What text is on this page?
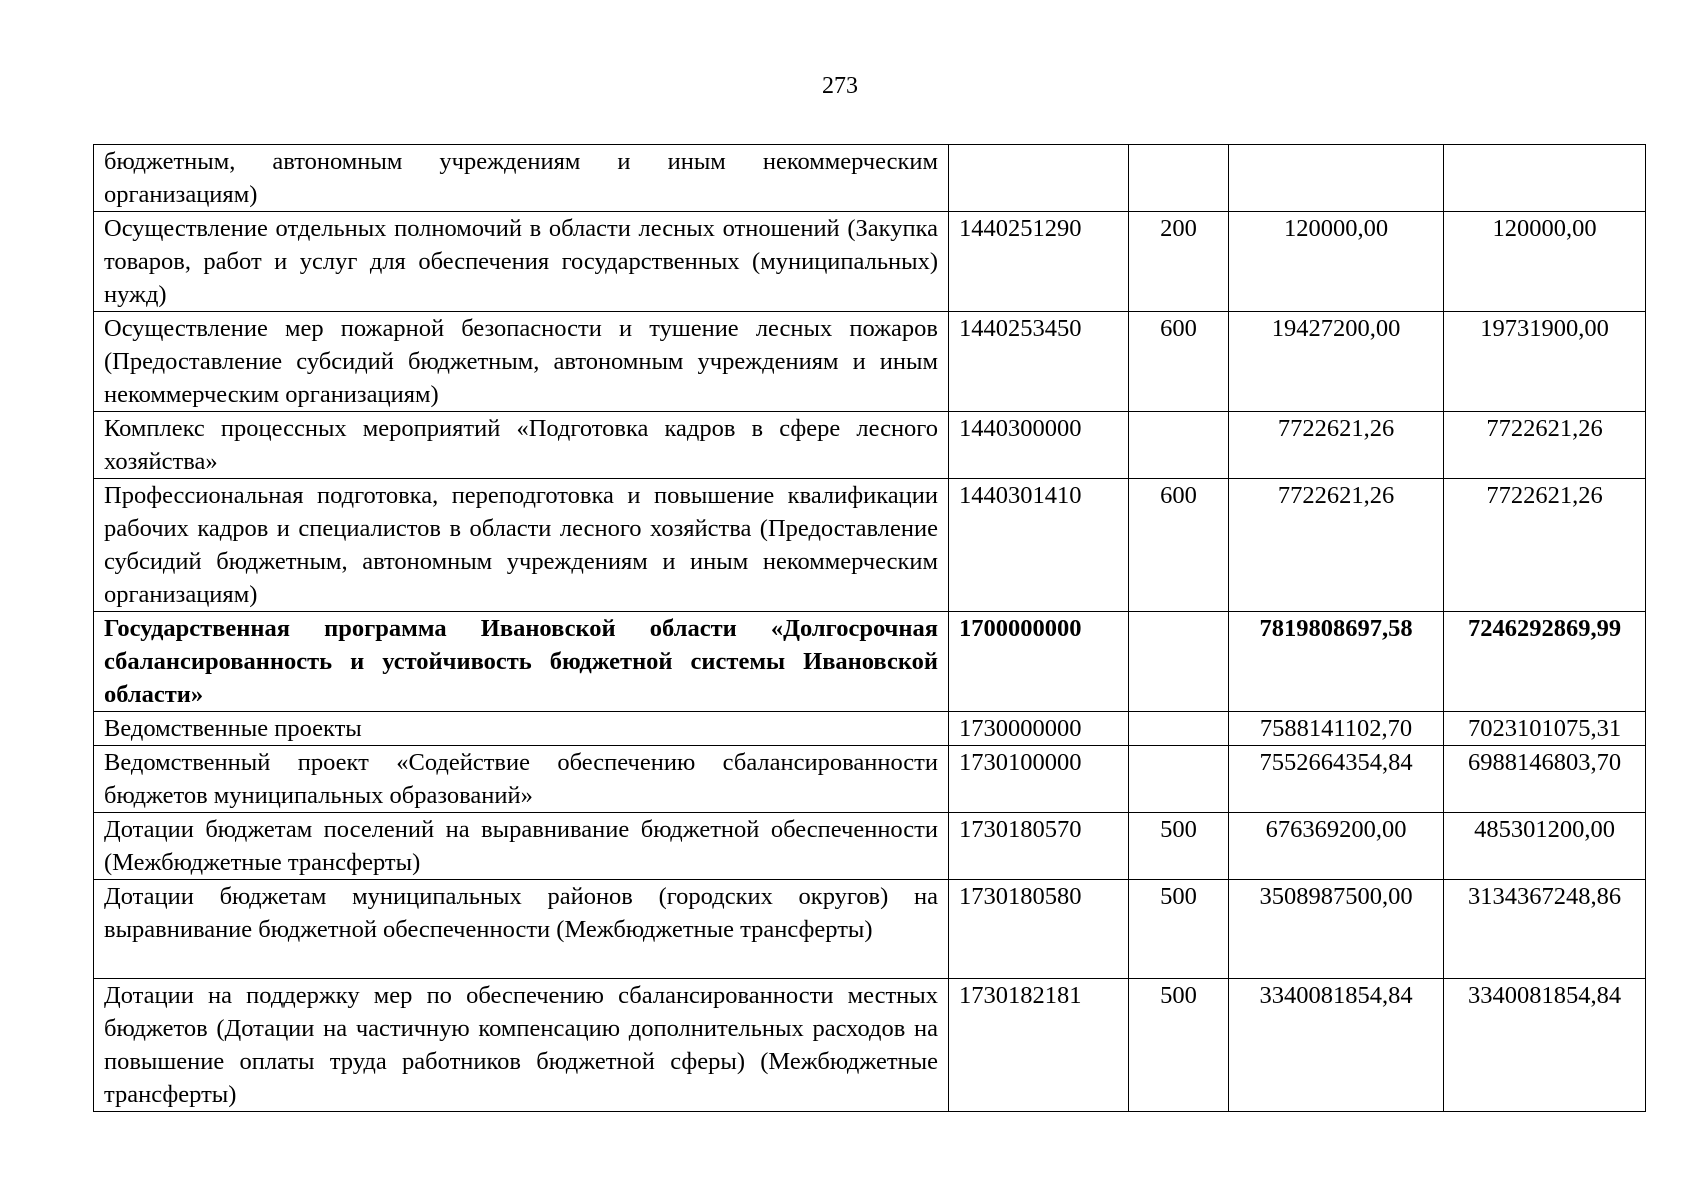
273
бюджетным, автономным учреждениям и иным некоммерческим организациям)				
Осуществление отдельных полномочий в области лесных отношений (Закупка товаров, работ и услуг для обеспечения государственных (муниципальных) нужд)	1440251290	200	120000,00	120000,00
Осуществление мер пожарной безопасности и тушение лесных пожаров (Предоставление субсидий бюджетным, автономным учреждениям и иным некоммерческим организациям)	1440253450	600	19427200,00	19731900,00
Комплекс процессных мероприятий «Подготовка кадров в сфере лесного хозяйства»	1440300000		7722621,26	7722621,26
Профессиональная подготовка, переподготовка и повышение квалификации рабочих кадров и специалистов в области лесного хозяйства (Предоставление субсидий бюджетным, автономным учреждениям и иным некоммерческим организациям)	1440301410	600	7722621,26	7722621,26
Государственная программа Ивановской области «Долгосрочная сбалансированность и устойчивость бюджетной системы Ивановской области»	1700000000		7819808697,58	7246292869,99
Ведомственные проекты	1730000000		7588141102,70	7023101075,31
Ведомственный проект «Содействие обеспечению сбалансированности бюджетов муниципальных образований»	1730100000		7552664354,84	6988146803,70
Дотации бюджетам поселений на выравнивание бюджетной обеспеченности (Межбюджетные трансферты)	1730180570	500	676369200,00	485301200,00
Дотации бюджетам муниципальных районов (городских округов) на выравнивание бюджетной обеспеченности (Межбюджетные трансферты)	1730180580	500	3508987500,00	3134367248,86
Дотации на поддержку мер по обеспечению сбалансированности местных бюджетов (Дотации на частичную компенсацию дополнительных расходов на повышение оплаты труда работников бюджетной сферы) (Межбюджетные трансферты)	1730182181	500	3340081854,84	3340081854,84
